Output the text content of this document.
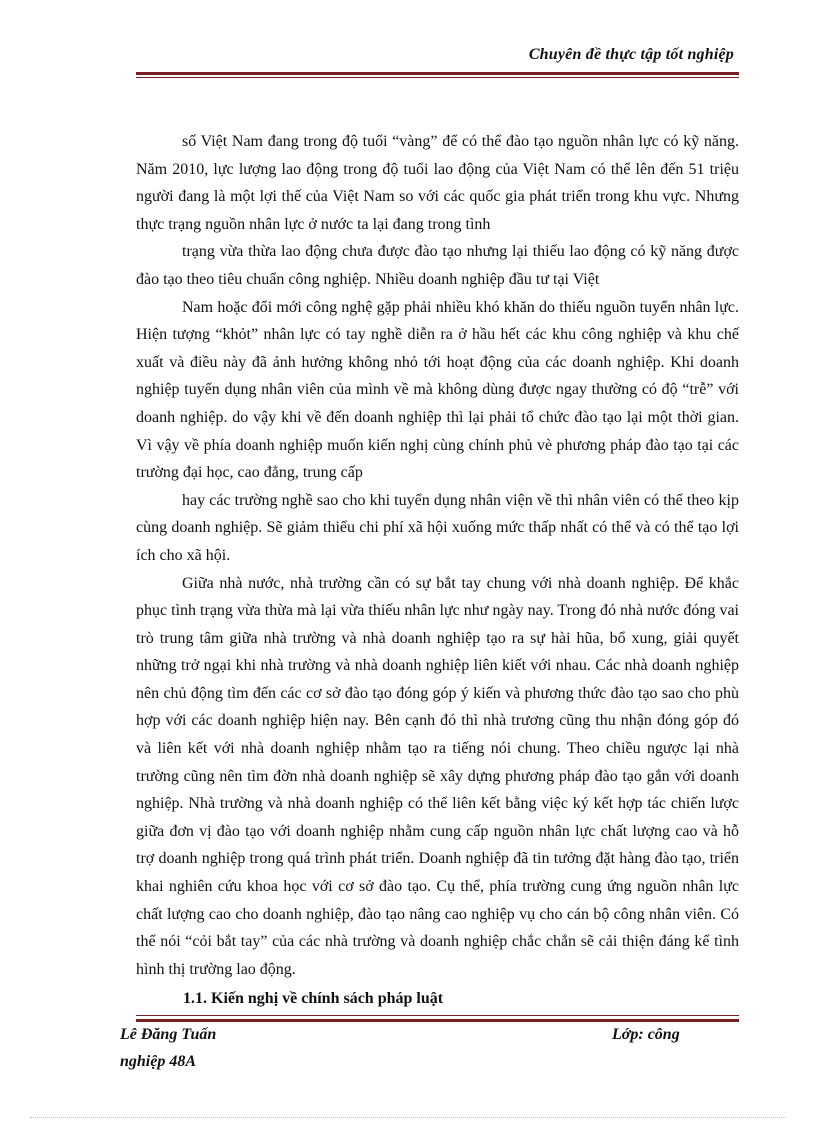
Chuyên đề thực tập tốt nghiệp

số Việt Nam đang trong độ tuổi “vàng” để có thể đào tạo nguồn nhân lực có kỹ năng. Năm 2010, lực lượng lao động trong độ tuổi lao động của Việt Nam có thể lên đến 51 triệu người đang là một lợi thế của Việt Nam so với các quốc gia phát triển trong khu vực. Nhưng thực trạng nguồn nhân lực ở nước ta lại đang trong tình

trạng vừa thừa lao động chưa được đào tạo nhưng lại thiếu lao động có kỹ năng được đào tạo theo tiêu chuẩn công nghiệp. Nhiều doanh nghiệp đầu tư tại Việt

Nam hoặc đổi mới công nghệ gặp phải nhiều khó khăn do thiếu nguồn tuyển nhân lực. Hiện tượng “khỏt” nhân lực có tay nghề diễn ra ở hầu hết các khu công nghiệp và khu chế xuất và điều này đã ảnh hưởng không nhỏ tới hoạt động của các doanh nghiệp. Khi doanh nghiệp tuyển dụng nhân viên của mình về mà không dùng được ngay thường có độ “trễ” với doanh nghiệp. do vậy khi về đến doanh nghiệp thì lại phải tổ chức đào tạo lại một thời gian. Vì vậy về phía doanh nghiệp muốn kiến nghị cùng chính phủ vè phương pháp đào tạo tại các trường đại học, cao đẳng, trung cấp

hay các trường nghề sao cho khi tuyển dụng nhân viện về thì nhân viên có thể theo kịp cùng doanh nghiệp. Sẽ giảm thiểu chi phí xã hội xuống mức thấp nhất có thể và có thể tạo lợi ích cho xã hội.

Giữa nhà nước, nhà trường cần có sự bắt tay chung với nhà doanh nghiệp. Để khắc phục tình trạng vừa thừa mà lại vừa thiếu nhân lực như ngày nay. Trong đó nhà nước đóng vai trò trung tâm giữa nhà trường và nhà doanh nghiệp tạo ra sự hài hũa, bổ xung, giải quyết những trở ngại khi nhà trường và nhà doanh nghiệp liên kiết với nhau. Các nhà doanh nghiệp nên chủ động tìm đến các cơ sở đào tạo đóng góp ý kiến và phương thức đào tạo sao cho phù hợp với các doanh nghiệp hiện nay. Bên cạnh đó thì nhà trương cũng thu nhận đóng góp đó và liên kết với nhà doanh nghiệp nhằm tạo ra tiếng nói chung. Theo chiều ngược lại nhà trường cũng nên tìm đờn nhà doanh nghiệp sẽ xây dựng phương pháp đào tạo gắn với doanh nghiệp. Nhà trường và nhà doanh nghiệp có thể liên kết bằng việc ký kết hợp tác chiến lược giữa đơn vị đào tạo với doanh nghiệp nhằm cung cấp nguồn nhân lực chất lượng cao và hỗ trợ doanh nghiệp trong quá trình phát triển. Doanh nghiệp đã tin tưởng đặt hàng đào tạo, triển khai nghiên cứu khoa học với cơ sở đào tạo. Cụ thể, phía trường cung ứng nguồn nhân lực chất lượng cao cho doanh nghiệp, đào tạo nâng cao nghiệp vụ cho cán bộ công nhân viên. Có thể nói “cỏi bắt tay” của các nhà trường và doanh nghiệp chắc chắn sẽ cải thiện đáng kể tình hình thị trường lao động.

1.1. Kiến nghị về chính sách pháp luật
Lê Đăng Tuấn	Lớp: công
nghiệp 48A
